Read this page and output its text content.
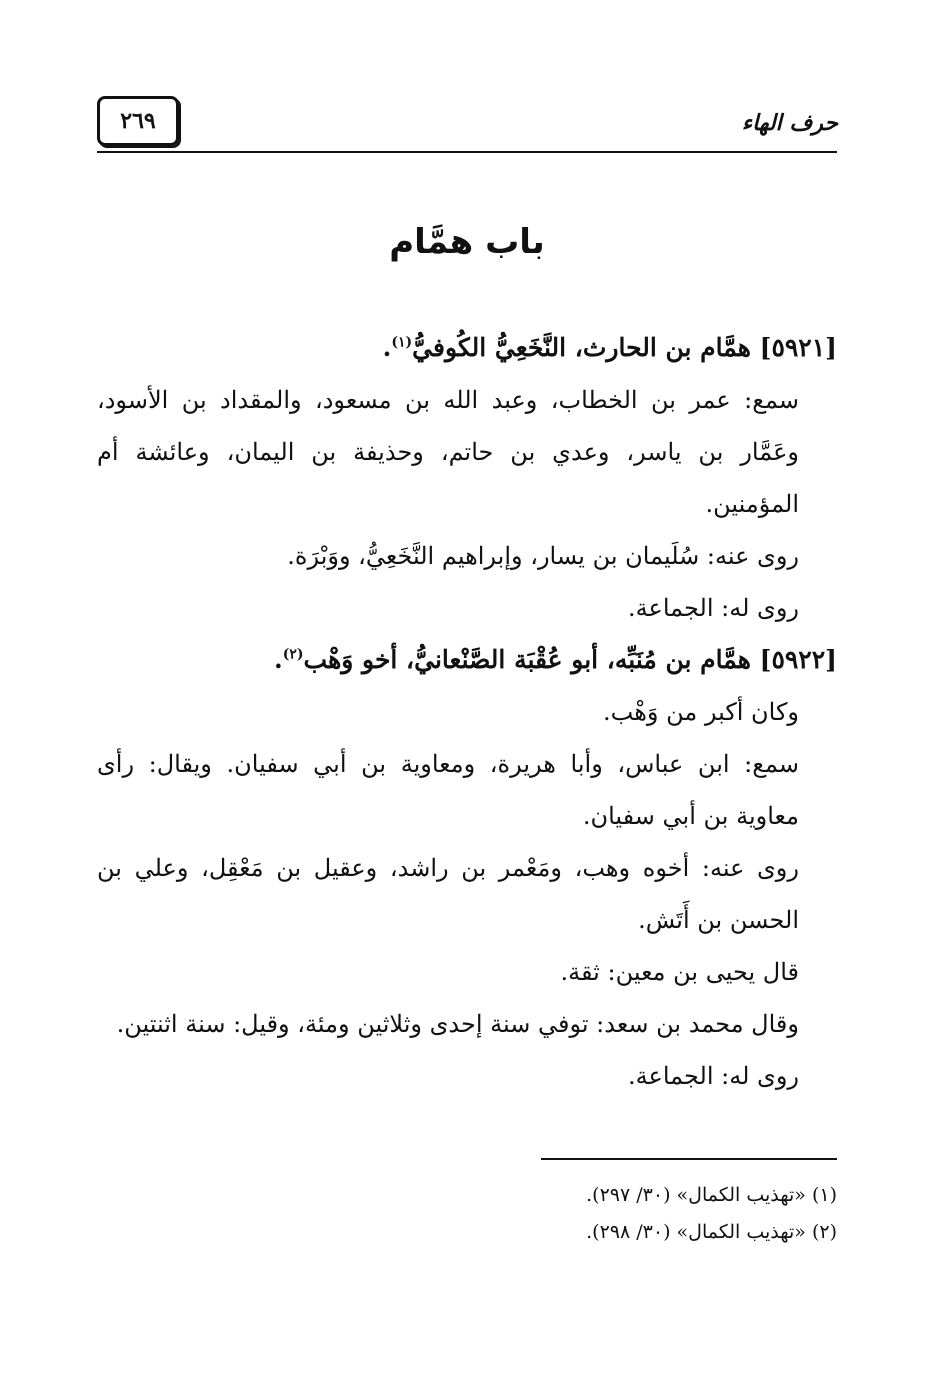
حرف الهاء
٢٦٩
باب همَّام

[٥٩٢١] همَّام بن الحارث، النَّخَعِيُّ الكُوفيُّ$^{(١)}$.

سمع: عمر بن الخطاب، وعبد الله بن مسعود، والمقداد بن الأسود، وعَمَّار بن ياسر، وعدي بن حاتم، وحذيفة بن اليمان، وعائشة أم المؤمنين.

روى عنه: سُلَيمان بن يسار، وإبراهيم النَّخَعِيُّ، ووَبْرَة.

روى له: الجماعة.

[٥٩٢٢] همَّام بن مُنَبِّه، أبو عُقْبَة الصَّنْعانيُّ، أخو وَهْب$^{(٢)}$.

وكان أكبر من وَهْب.

سمع: ابن عباس، وأبا هريرة، ومعاوية بن أبي سفيان. ويقال: رأى معاوية بن أبي سفيان.

روى عنه: أخوه وهب، ومَعْمر بن راشد، وعقيل بن مَعْقِل، وعلي بن الحسن بن أَتَش.

قال يحيى بن معين: ثقة.

وقال محمد بن سعد: توفي سنة إحدى وثلاثين ومئة، وقيل: سنة اثنتين.

روى له: الجماعة.

(١) «تهذيب الكمال» (٣٠/ ٢٩٧).

(٢) «تهذيب الكمال» (٣٠/ ٢٩٨).
